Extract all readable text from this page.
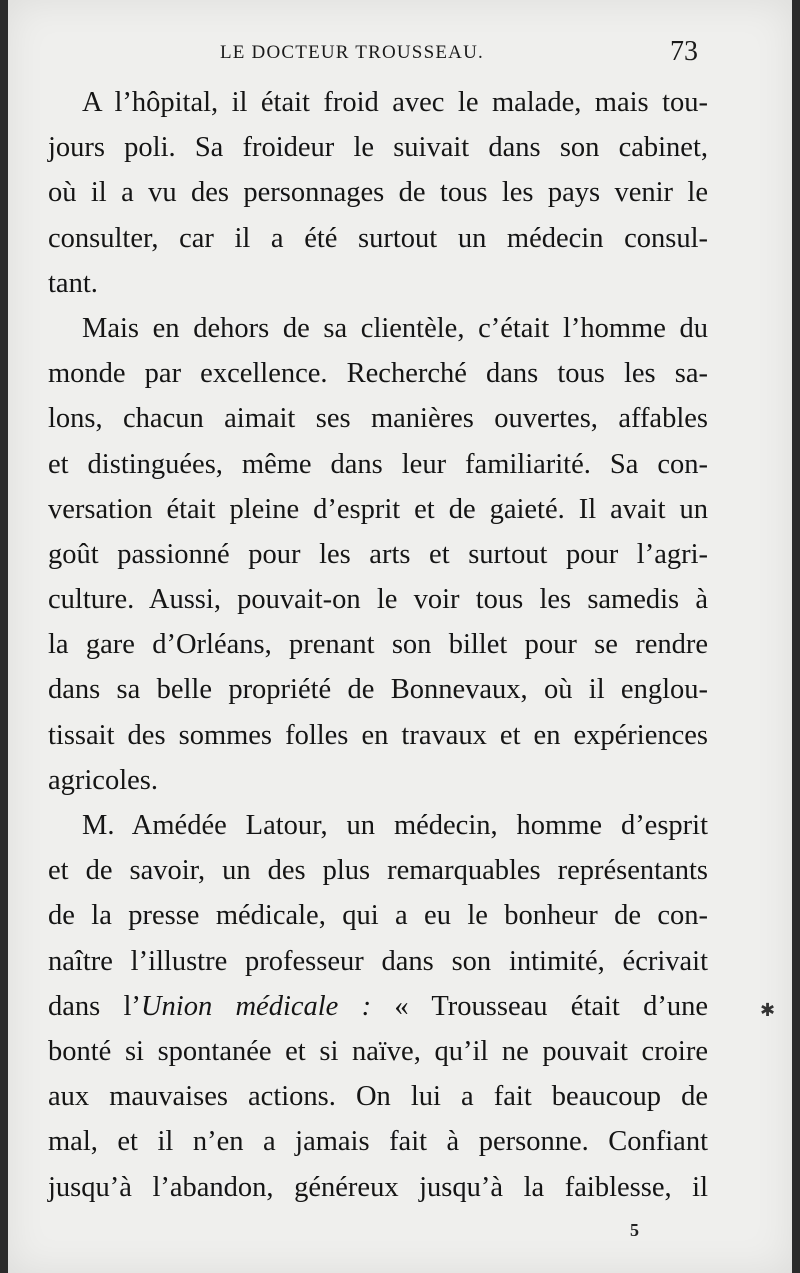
LE DOCTEUR TROUSSEAU.	73
A l’hôpital, il était froid avec le malade, mais tou-
jours poli. Sa froideur le suivait dans son cabinet,
où il a vu des personnages de tous les pays venir le
consulter, car il a été surtout un médecin consul-
tant.
Mais en dehors de sa clientèle, c’était l’homme du
monde par excellence. Recherché dans tous les sa-
lons, chacun aimait ses manières ouvertes, affables
et distinguées, même dans leur familiarité. Sa con-
versation était pleine d’esprit et de gaieté. Il avait un
goût passionné pour les arts et surtout pour l’agri-
culture. Aussi, pouvait-on le voir tous les samedis à
la gare d’Orléans, prenant son billet pour se rendre
dans sa belle propriété de Bonnevaux, où il englou-
tissait des sommes folles en travaux et en expériences
agricoles.
M. Amédée Latour, un médecin, homme d’esprit
et de savoir, un des plus remarquables représentants
de la presse médicale, qui a eu le bonheur de con-
naître l’illustre professeur dans son intimité, écrivait
dans l’Union médicale : « Trousseau était d’une
bonté si spontanée et si naïve, qu’il ne pouvait croire
aux mauvaises actions. On lui a fait beaucoup de
mal, et il n’en a jamais fait à personne. Confiant
jusqu’à l’abandon, généreux jusqu’à la faiblesse, il
5
✱
